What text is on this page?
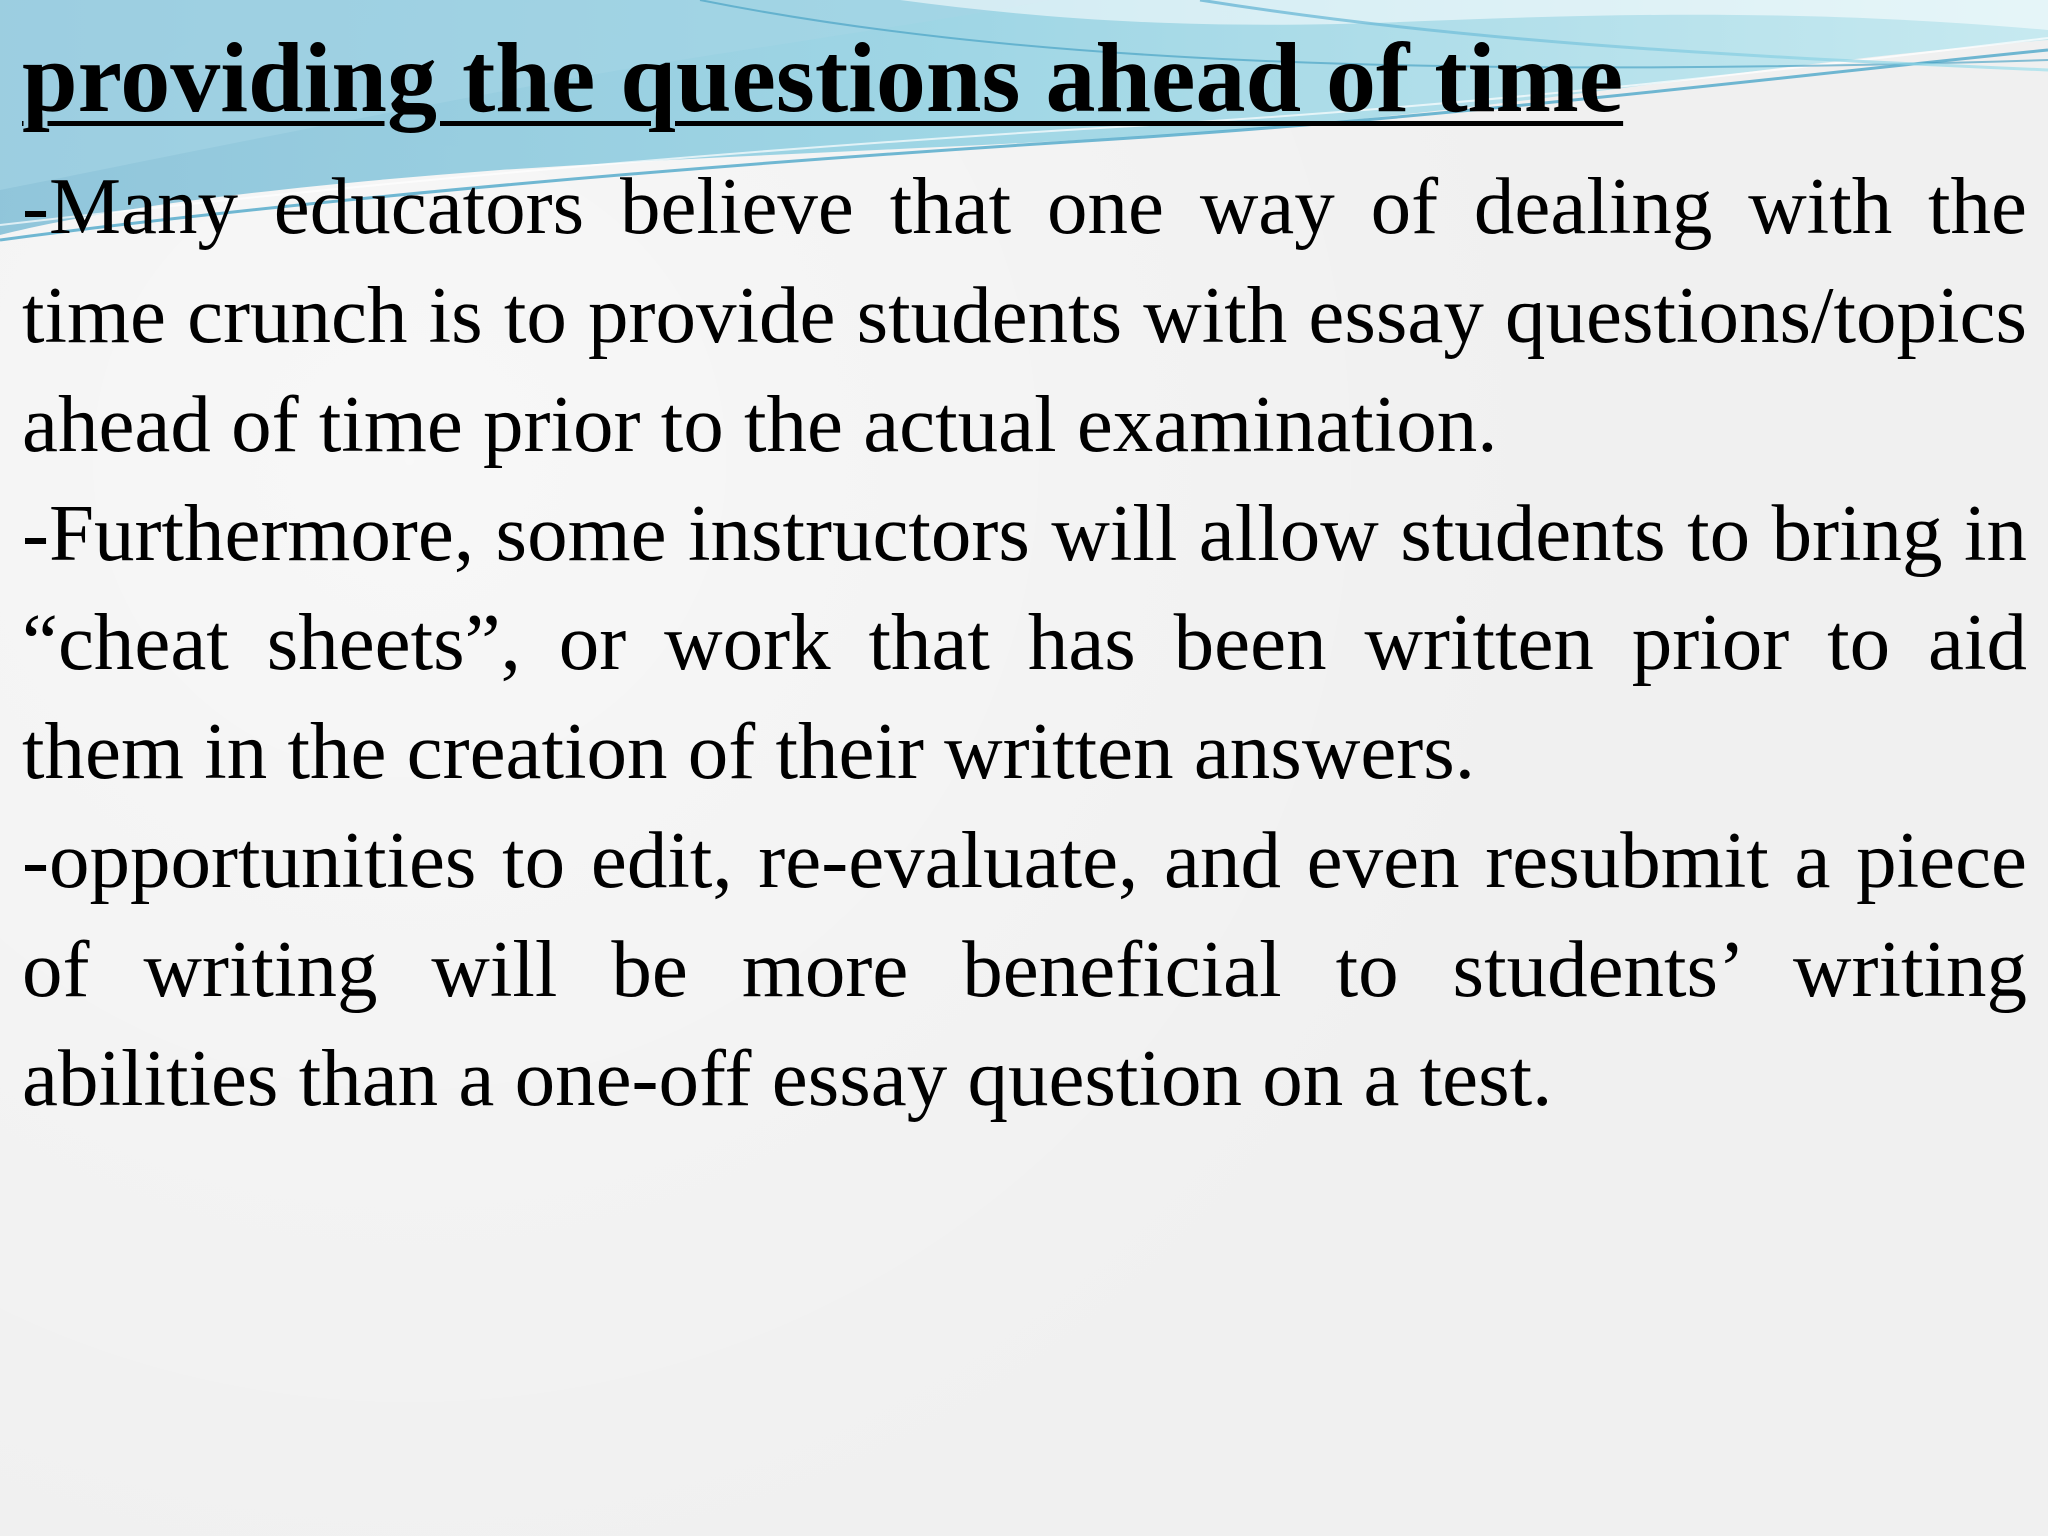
providing the questions ahead of time

-Many educators believe that one way of dealing with the time crunch is to provide students with essay questions/topics ahead of time prior to the actual examination.

-Furthermore, some instructors will allow students to bring in “cheat sheets”, or work that has been written prior to aid them in the creation of their written answers.

-opportunities to edit, re-evaluate, and even resubmit a piece of writing will be more beneficial to students’ writing abilities than a one-off essay question on a test.
